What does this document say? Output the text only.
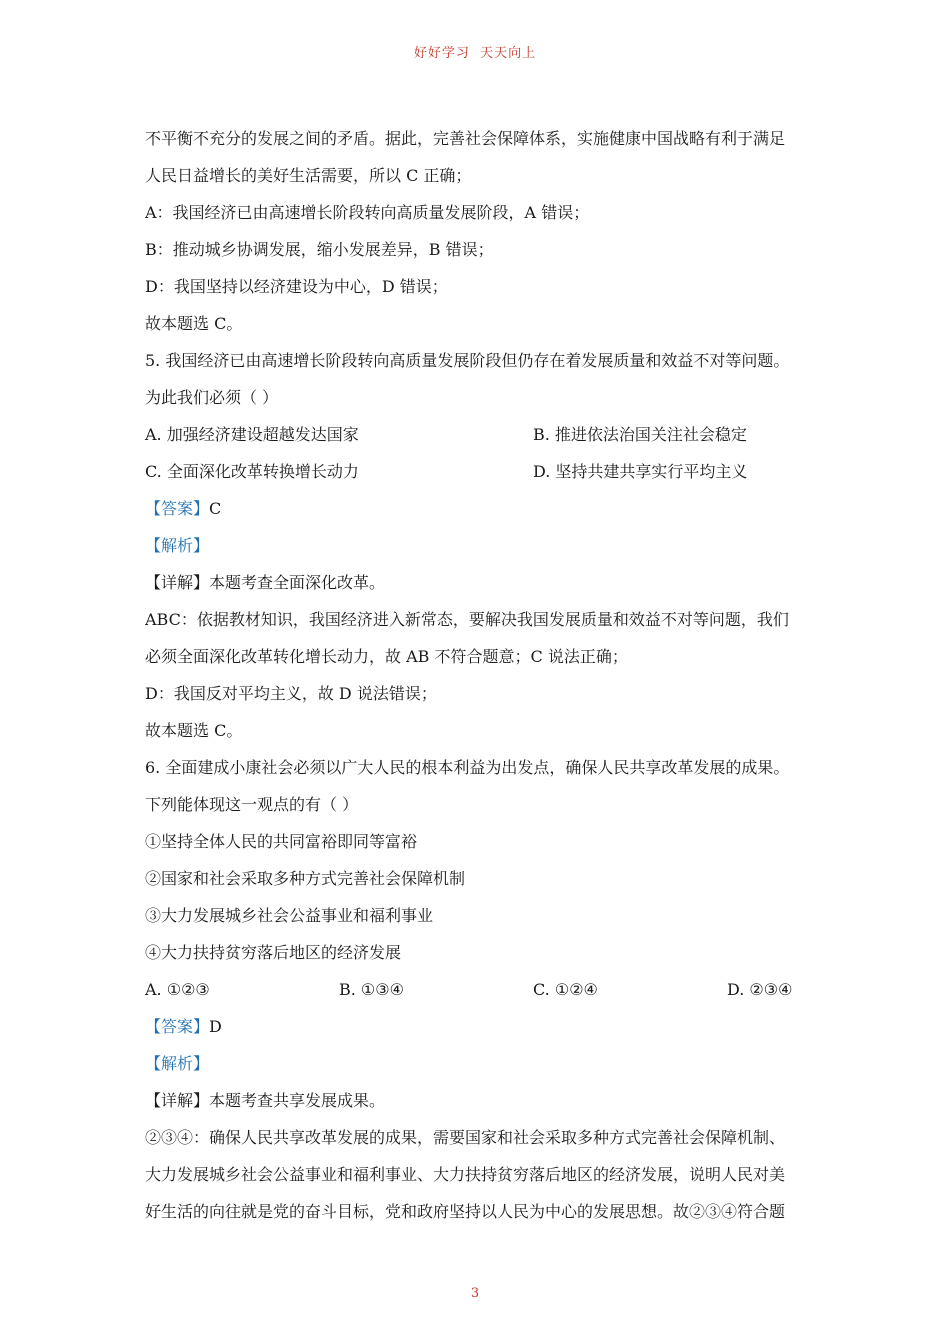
好好学习  天天向上
不平衡不充分的发展之间的矛盾。据此，完善社会保障体系，实施健康中国战略有利于满足
人民日益增长的美好生活需要，所以 C 正确；
A：我国经济已由高速增长阶段转向高质量发展阶段，A 错误；
B：推动城乡协调发展，缩小发展差异，B 错误；
D：我国坚持以经济建设为中心，D 错误；
故本题选 C。
5. 我国经济已由高速增长阶段转向高质量发展阶段但仍存在着发展质量和效益不对等问题。
为此我们必须（ ）
A. 加强经济建设超越发达国家	B. 推进依法治国关注社会稳定
C. 全面深化改革转换增长动力	D. 坚持共建共享实行平均主义
【答案】C
【解析】
【详解】本题考查全面深化改革。
ABC：依据教材知识，我国经济进入新常态，要解决我国发展质量和效益不对等问题，我们
必须全面深化改革转化增长动力，故 AB 不符合题意；C 说法正确；
D：我国反对平均主义，故 D 说法错误；
故本题选 C。
6. 全面建成小康社会必须以广大人民的根本利益为出发点，确保人民共享改革发展的成果。
下列能体现这一观点的有（ ）
①坚持全体人民的共同富裕即同等富裕
②国家和社会采取多种方式完善社会保障机制
③大力发展城乡社会公益事业和福利事业
④大力扶持贫穷落后地区的经济发展
A. ①②③	B. ①③④	C. ①②④	D. ②③④
【答案】D
【解析】
【详解】本题考查共享发展成果。
②③④：确保人民共享改革发展的成果，需要国家和社会采取多种方式完善社会保障机制、
大力发展城乡社会公益事业和福利事业、大力扶持贫穷落后地区的经济发展，说明人民对美
好生活的向往就是党的奋斗目标，党和政府坚持以人民为中心的发展思想。故②③④符合题
3
